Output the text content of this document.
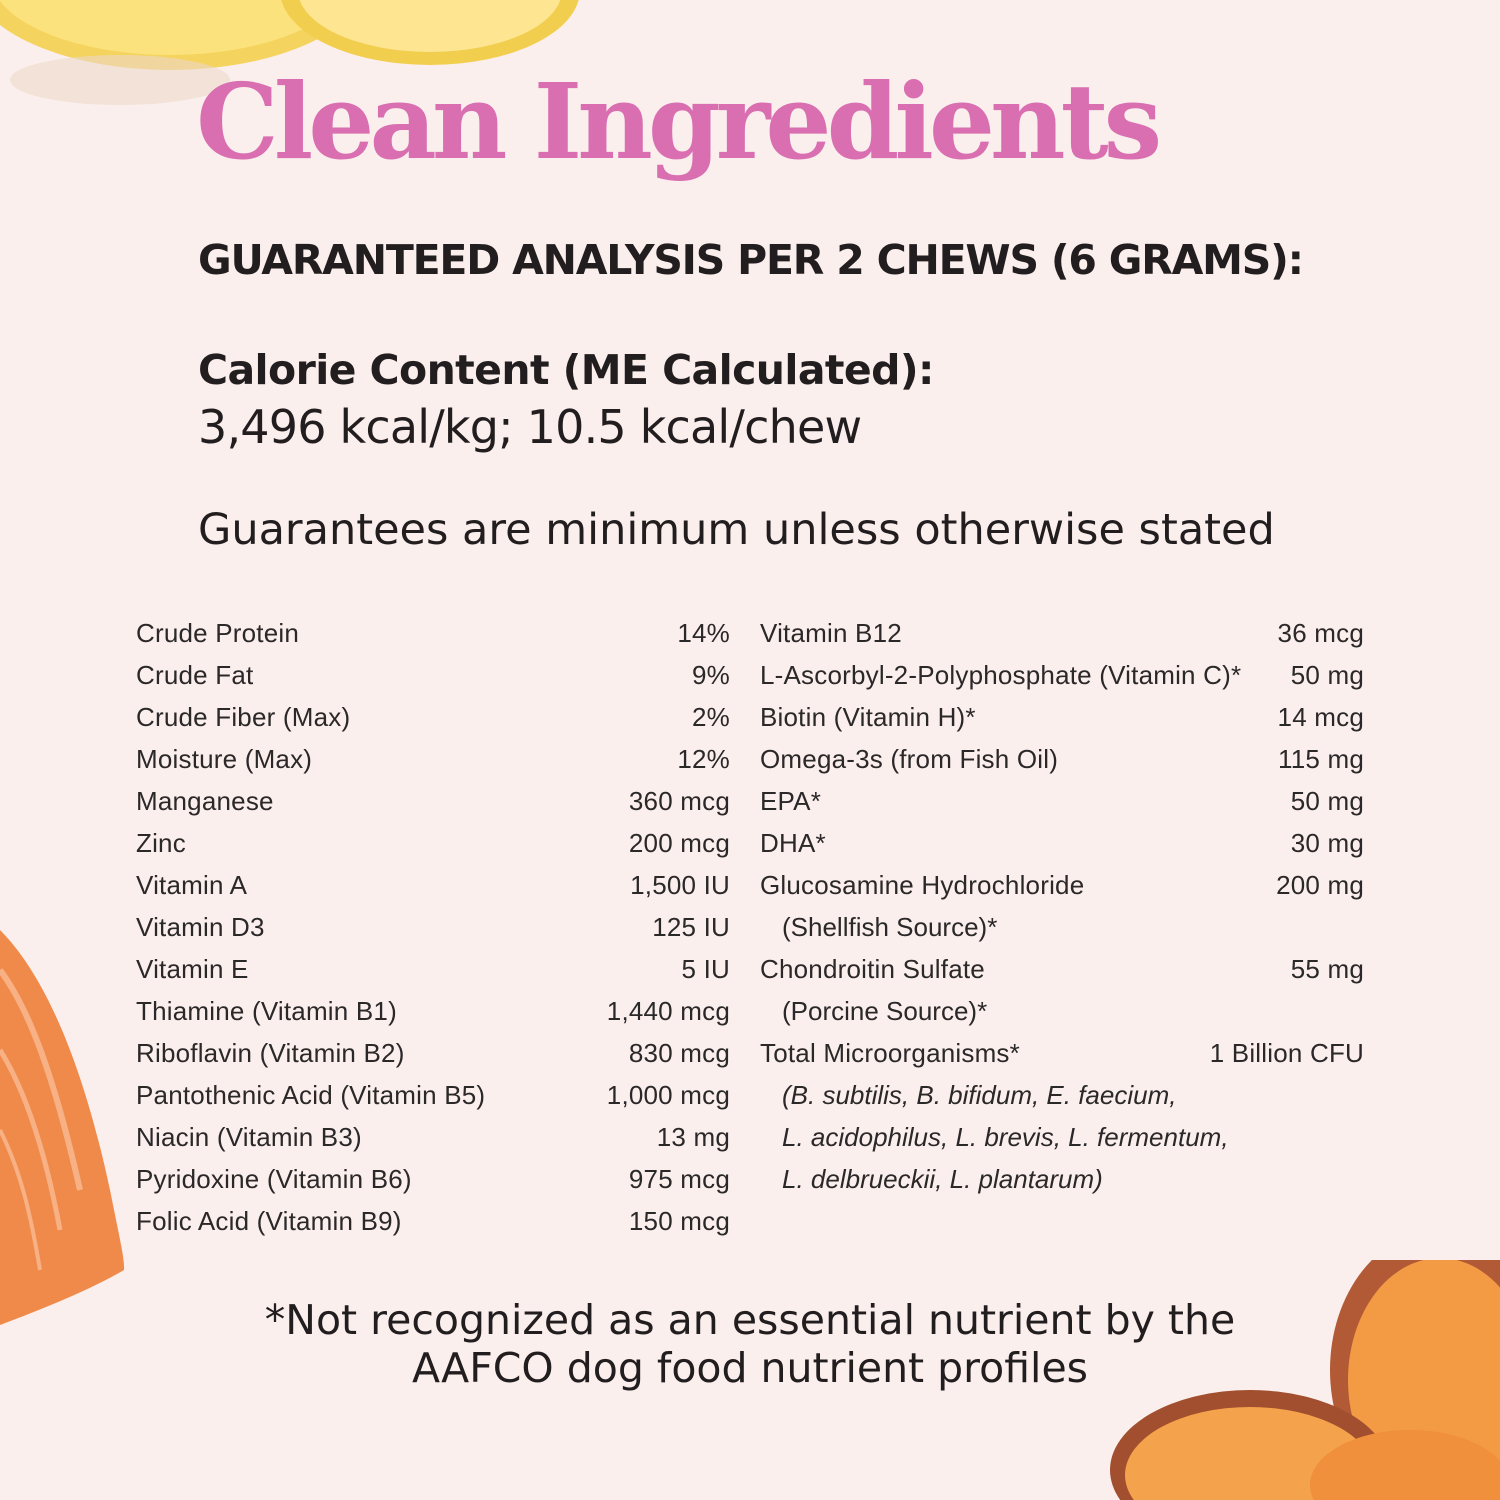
Clean Ingredients
GUARANTEED ANALYSIS PER 2 CHEWS (6 GRAMS):
Calorie Content (ME Calculated):
3,496 kcal/kg; 10.5 kcal/chew
Guarantees are minimum unless otherwise stated
Crude Protein	14%
Crude Fat	9%
Crude Fiber (Max)	2%
Moisture (Max)	12%
Manganese	360 mcg
Zinc	200 mcg
Vitamin A	1,500 IU
Vitamin D3	125 IU
Vitamin E	5 IU
Thiamine (Vitamin B1)	1,440 mcg
Riboflavin (Vitamin B2)	830 mcg
Pantothenic Acid (Vitamin B5)	1,000 mcg
Niacin (Vitamin B3)	13 mg
Pyridoxine (Vitamin B6)	975 mcg
Folic Acid (Vitamin B9)	150 mcg
Vitamin B12	36 mcg
L-Ascorbyl-2-Polyphosphate (Vitamin C)* 50 mg
Biotin (Vitamin H)*	14 mcg
Omega-3s (from Fish Oil)	115 mg
EPA*	50 mg
DHA*	30 mg
Glucosamine Hydrochloride	200 mg
(Shellfish Source)*
Chondroitin Sulfate	55 mg
(Porcine Source)*
Total Microorganisms*	1 Billion CFU
(B. subtilis, B. bifidum, E. faecium,
L. acidophilus, L. brevis, L. fermentum,
L. delbrueckii, L. plantarum)
*Not recognized as an essential nutrient by the
AAFCO dog food nutrient profiles
